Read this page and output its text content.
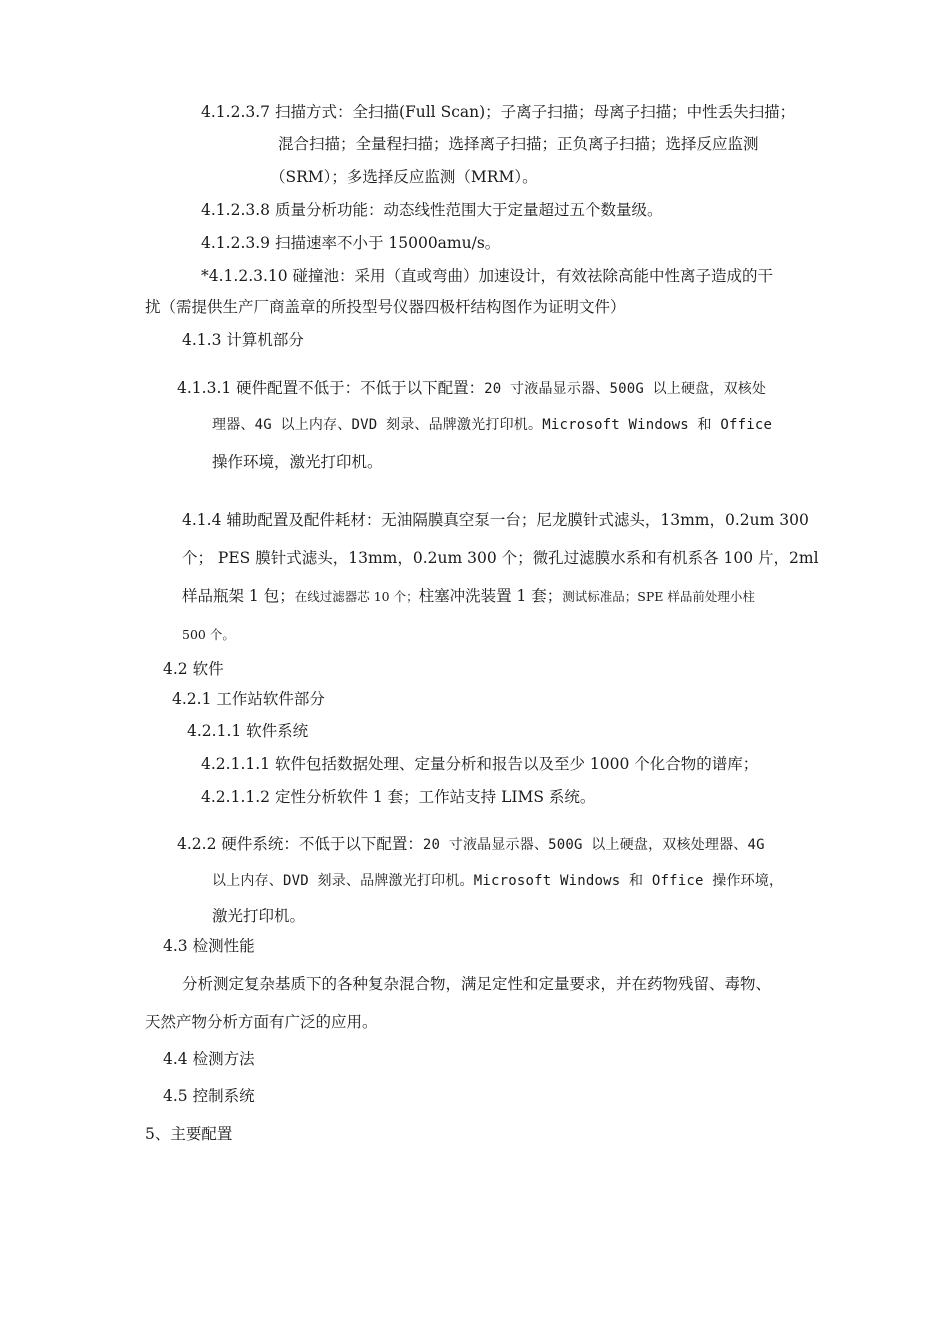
4.1.2.3.7 扫描方式：全扫描(Full Scan)；子离子扫描；母离子扫描；中性丢失扫描；
混合扫描；全量程扫描；选择离子扫描；正负离子扫描；选择反应监测
（SRM）；多选择反应监测（MRM）。
4.1.2.3.8 质量分析功能：动态线性范围大于定量超过五个数量级。
4.1.2.3.9 扫描速率不小于 15000amu/s。
*4.1.2.3.10 碰撞池：采用（直或弯曲）加速设计，有效祛除高能中性离子造成的干
扰（需提供生产厂商盖章的所投型号仪器四极杆结构图作为证明文件）
4.1.3 计算机部分
4.1.3.1 硬件配置不低于：不低于以下配置：20 寸液晶显示器、500G 以上硬盘，双核处
理器、4G 以上内存、DVD 刻录、品牌激光打印机。Microsoft Windows 和 Office
操作环境，激光打印机。
4.1.4 辅助配置及配件耗材：无油隔膜真空泵一台；尼龙膜针式滤头，13mm，0.2um 300
个； PES 膜针式滤头，13mm，0.2um 300 个；微孔过滤膜水系和有机系各 100 片，2ml
样品瓶架 1 包；在线过滤器芯 10 个；柱塞冲洗装置 1 套；测试标准品；SPE 样品前处理小柱
500 个。
4.2 软件
4.2.1 工作站软件部分
4.2.1.1 软件系统
4.2.1.1.1 软件包括数据处理、定量分析和报告以及至少 1000 个化合物的谱库；
4.2.1.1.2 定性分析软件 1 套；工作站支持 LIMS 系统。
4.2.2 硬件系统：不低于以下配置：20 寸液晶显示器、500G 以上硬盘，双核处理器、4G
以上内存、DVD 刻录、品牌激光打印机。Microsoft Windows 和 Office 操作环境，
激光打印机。
4.3 检测性能
分析测定复杂基质下的各种复杂混合物，满足定性和定量要求，并在药物残留、毒物、
天然产物分析方面有广泛的应用。
4.4 检测方法
4.5 控制系统
5、主要配置
